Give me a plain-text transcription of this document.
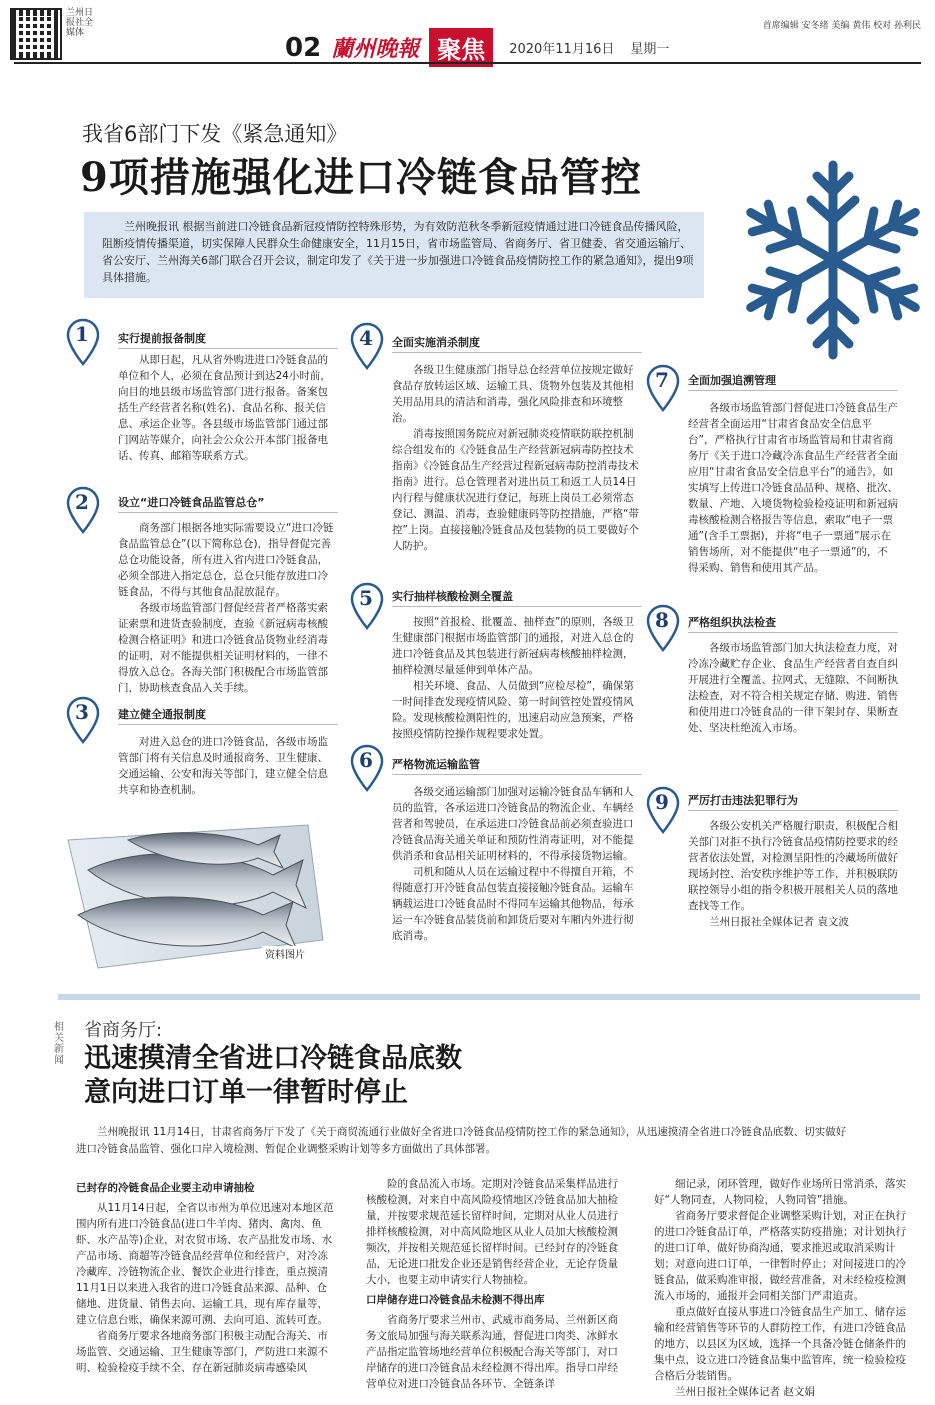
兰州日报社全媒体	02 蘭州晚報 聚焦	2020年11月16日 星期一
首席编辑 安冬绪 美编 黄伟 校对 孙利民
我省6部门下发《紧急通知》
9项措施强化进口冷链食品管控
兰州晚报讯 根据当前进口冷链食品新冠疫情防控特殊形势，为有效防范秋冬季新冠疫情通过进口冷链食品传播风险，阻断疫情传播渠道，切实保障人民群众生命健康安全，11月15日，省市场监管局、省商务厅、省卫健委、省交通运输厅、省公安厅、兰州海关6部门联合召开会议，制定印发了《关于进一步加强进口冷链食品疫情防控工作的紧急通知》，提出9项具体措施。
1	实行提前报备制度

从即日起，凡从省外购进进口冷链食品的单位和个人，必须在食品预计到达24小时前，向目的地县级市场监管部门进行报备。备案包括生产经营者名称(姓名)、食品名称、报关信息、承运企业等。各县级市场监管部门通过部门网站等媒介，向社会公众公开本部门报备电话、传真、邮箱等联系方式。

2	设立“进口冷链食品监管总仓”

商务部门根据各地实际需要设立“进口冷链食品监管总仓”(以下简称总仓)，指导督促完善总仓功能设备，所有进入省内进口冷链食品，必须全部进入指定总仓，总仓只能存放进口冷链食品，不得与其他食品混放混存。

各级市场监管部门督促经营者严格落实索证索票和进货查验制度，查验《新冠病毒核酸检测合格证明》和进口冷链食品货物业经消毒的证明，对不能提供相关证明材料的，一律不得放入总仓。各海关部门积极配合市场监管部门，协助核查食品入关手续。

3	建立健全通报制度

对进入总仓的进口冷链食品，各级市场监管部门将有关信息及时通报商务、卫生健康、交通运输、公安和海关等部门，建立健全信息共享和协查机制。

4	全面实施消杀制度

各级卫生健康部门指导总仓经营单位按规定做好食品存放转运区域、运输工具、货物外包装及其他相关用品用具的清洁和消毒，强化风险排查和环境整治。

消毒按照国务院应对新冠肺炎疫情联防联控机制综合组发布的《冷链食品生产经营新冠病毒防控技术指南》《冷链食品生产经营过程新冠病毒防控消毒技术指南》进行。总仓管理者对进出员工和返工人员14日内行程与健康状况进行登记，每班上岗员工必须常态登记、测温、消毒，查验健康码等防控措施，严格“带控”上岗。直接接触冷链食品及包装物的员工要做好个人防护。

5	实行抽样核酸检测全覆盖

按照“首报检、批覆盖、抽样查”的原则，各级卫生健康部门根据市场监管部门的通报，对进入总仓的进口冷链食品及其包装进行新冠病毒核酸抽样检测，抽样检测尽量延伸到单体产品。

相关环境、食品、人员做到“应检尽检”，确保第一时间排查发现疫情风险、第一时间管控处置疫情风险。发现核酸检测阳性的，迅速启动应急预案，严格按照疫情防控操作规程要求处置。

6	严格物流运输监管

各级交通运输部门加强对运输冷链食品车辆和人员的监管，各承运进口冷链食品的物流企业、车辆经营者和驾驶员，在承运进口冷链食品前必须查验进口冷链食品海关通关单证和预防性消毒证明，对不能提供消杀和食品相关证明材料的，不得承接货物运输。

司机和随从人员在运输过程中不得擅自开箱，不得随意打开冷链食品包装直接接触冷链食品。运输车辆载运进口冷链食品时不得同车运输其他物品，每承运一车冷链食品装货前和卸货后要对车厢内外进行彻底消毒。

7	全面加强追溯管理

各级市场监管部门督促进口冷链食品生产经营者全面运用“甘肃省食品安全信息平台”，严格执行甘肃省市场监管局和甘肃省商务厅《关于进口冷藏冷冻食品生产经营者全面应用“甘肃省食品安全信息平台”的通告》，如实填写上传进口冷链食品品种、规格、批次、数量、产地、入境货物检验检疫证明和新冠病毒核酸检测合格报告等信息，索取“电子一票通”(含手工票据)，并将“电子一票通”展示在销售场所，对不能提供“电子一票通”的，不得采购、销售和使用其产品。

8	严格组织执法检查

各级市场监管部门加大执法检查力度，对冷冻冷藏贮存企业、食品生产经营者自查自纠开展进行全覆盖、拉网式、无缝隙、不间断执法检查，对不符合相关规定存储、购进、销售和使用进口冷链食品的一律下架封存、果断查处、坚决杜绝流入市场。

9	严厉打击违法犯罪行为

各级公安机关严格履行职责，积极配合相关部门对拒不执行冷链食品疫情防控要求的经营者依法处置，对检测呈阳性的冷藏场所做好现场封控、治安秩序维护等工作，并积极联防联控领导小组的指令积极开展相关人员的落地查找等工作。

兰州日报社全媒体记者 袁文波

资料图片
相关新闻
省商务厅:
迅速摸清全省进口冷链食品底数
意向进口订单一律暂时停止
兰州晚报讯 11月14日，甘肃省商务厅下发了《关于商贸流通行业做好全省进口冷链食品疫情防控工作的紧急通知》，从迅速摸清全省进口冷链食品底数、切实做好进口冷链食品监管、强化口岸入境检测、暂促企业调整采购计划等多方面做出了具体部署。

已封存的冷链食品企业要主动申请抽检

从11月14日起，全省以市州为单位迅速对本地区范围内所有进口冷链食品(进口牛羊肉、猪肉、禽肉、鱼虾、水产品等)企业，对农贸市场、农产品批发市场、水产品市场、商超等冷链食品经营单位和经营户，对冷冻冷藏库、冷链物流企业、餐饮企业进行排查，重点摸清11月1日以来进入我省的进口冷链食品来源、品种、仓储地、进货量、销售去向、运输工具，现有库存量等，建立信息台账，确保来源可溯、去向可追、流转可查。

省商务厅要求各地商务部门积极主动配合海关、市场监管、交通运输、卫生健康等部门，严防进口来源不明、检验检疫手续不全、存在新冠肺炎病毒感染风

险的食品流入市场。定期对冷链食品采集样品进行核酸检测，对来自中高风险疫情地区冷链食品加大抽检量，并按要求规范延长留样时间，定期对从业人员进行排样核酸检测，对中高风险地区从业人员加大核酸检测频次，并按相关规范延长留样时间。已经封存的冷链食品，无论进口批发企业还是销售经营企业，无论存货量大小，也要主动申请实行人物抽检。

口岸储存进口冷链食品未检测不得出库

省商务厅要求兰州市、武威市商务局、兰州新区商务文旅局加强与海关联系沟通，督促进口肉类、冰鲜水产品指定监管场地经营单位积极配合海关等部门，对口岸储存的进口冷链食品未经检测不得出库。指导口岸经营单位对进口冷链食品各环节、全链条详

细记录，闭环管理，做好作业场所日常消杀，落实好“人物同查，人物同检，人物同管”措施。

省商务厅要求督促企业调整采购计划，对正在执行的进口冷链食品订单，严格落实防疫措施；对计划执行的进口订单，做好协商沟通，要求推迟或取消采购计划；对意向进口订单，一律暂时停止；对间接进口的冷链食品，做采购准审报，做经营准备，对未经检疫检测流入市场的，通报并会同相关部门严肃追责。

重点做好直接从事进口冷链食品生产加工、储存运输和经营销售等环节的人群防控工作，有进口冷链食品的地方，以县区为区域，选择一个具备冷链仓储条件的集中点，设立进口冷链食品集中监管库，统一检验检疫合格后分装销售。

兰州日报社全媒体记者 赵文娟
